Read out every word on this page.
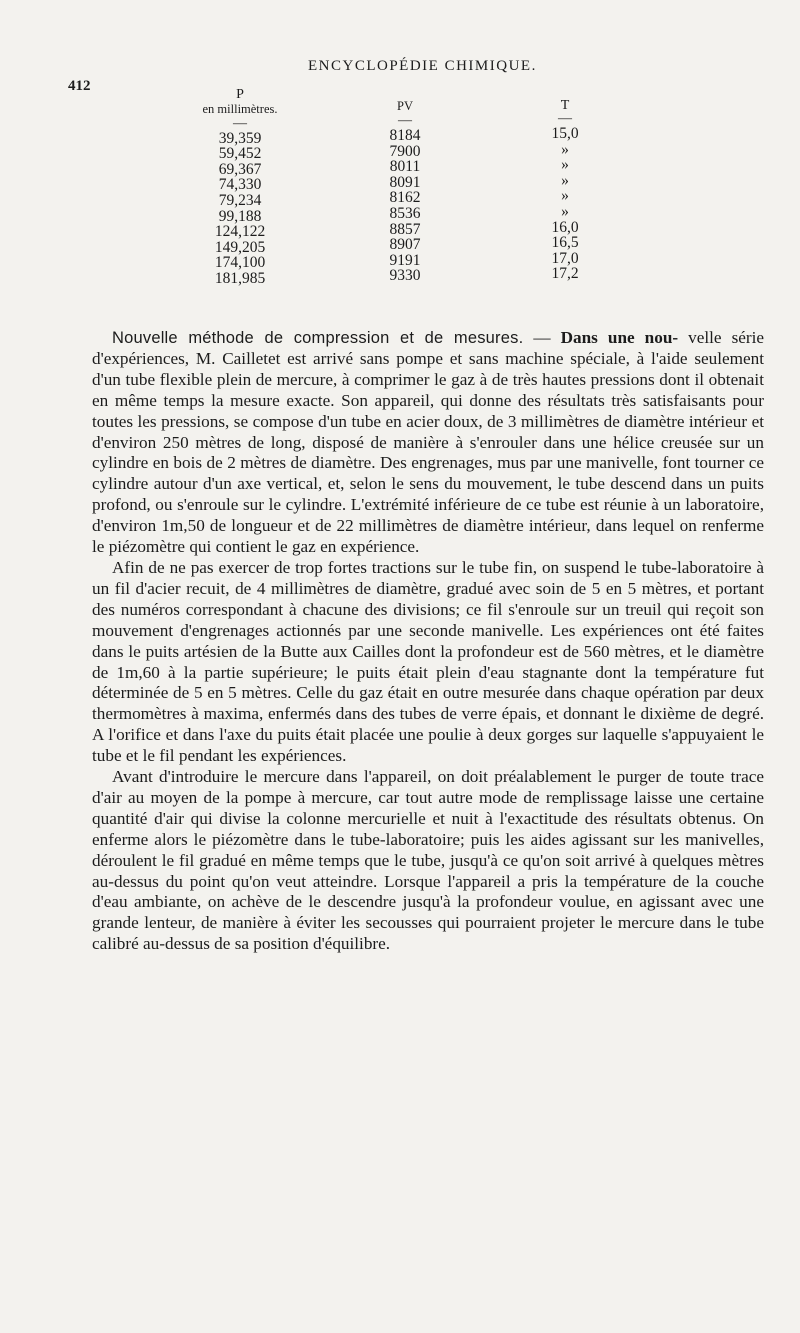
412
ENCYCLOPÉDIE CHIMIQUE.
P
en millimètres.
—
39,359
59,452
69,367
74,330
79,234
99,188
124,122
149,205
174,100
181,985
PV
—
8184
7900
8011
8091
8162
8536
8857
8907
9191
9330
T
—
15,0
»
»
»
»
»
16,0
16,5
17,0
17,2

Nouvelle méthode de compression et de mesures. — Dans une nou- velle série d'expériences, M. Cailletet est arrivé sans pompe et sans machine spéciale, à l'aide seulement d'un tube flexible plein de mercure, à comprimer le gaz à de très hautes pressions dont il obtenait en même temps la mesure exacte. Son appareil, qui donne des résultats très satisfaisants pour toutes les pressions, se compose d'un tube en acier doux, de 3 millimètres de diamètre intérieur et d'environ 250 mètres de long, disposé de manière à s'enrouler dans une hélice creusée sur un cylindre en bois de 2 mètres de diamètre. Des engrenages, mus par une manivelle, font tourner ce cylindre autour d'un axe vertical, et, selon le sens du mouvement, le tube descend dans un puits profond, ou s'enroule sur le cylindre. L'extrémité inférieure de ce tube est réunie à un laboratoire, d'environ 1m,50 de longueur et de 22 millimètres de diamètre intérieur, dans lequel on renferme le piézomètre qui contient le gaz en expérience.

Afin de ne pas exercer de trop fortes tractions sur le tube fin, on suspend le tube-laboratoire à un fil d'acier recuit, de 4 millimètres de diamètre, gradué avec soin de 5 en 5 mètres, et portant des numéros correspondant à chacune des divisions; ce fil s'enroule sur un treuil qui reçoit son mouvement d'engrenages actionnés par une seconde manivelle. Les expériences ont été faites dans le puits artésien de la Butte aux Cailles dont la profondeur est de 560 mètres, et le diamètre de 1m,60 à la partie supérieure; le puits était plein d'eau stagnante dont la température fut déterminée de 5 en 5 mètres. Celle du gaz était en outre mesurée dans chaque opération par deux thermomètres à maxima, enfermés dans des tubes de verre épais, et donnant le dixième de degré. A l'orifice et dans l'axe du puits était placée une poulie à deux gorges sur laquelle s'appuyaient le tube et le fil pendant les expériences.

Avant d'introduire le mercure dans l'appareil, on doit préalablement le purger de toute trace d'air au moyen de la pompe à mercure, car tout autre mode de remplissage laisse une certaine quantité d'air qui divise la colonne mercurielle et nuit à l'exactitude des résultats obtenus. On enferme alors le piézomètre dans le tube-laboratoire; puis les aides agissant sur les manivelles, déroulent le fil gradué en même temps que le tube, jusqu'à ce qu'on soit arrivé à quelques mètres au-dessus du point qu'on veut atteindre. Lorsque l'appareil a pris la température de la couche d'eau ambiante, on achève de le descendre jusqu'à la profondeur voulue, en agissant avec une grande lenteur, de manière à éviter les secousses qui pourraient projeter le mercure dans le tube calibré au-dessus de sa position d'équilibre.
